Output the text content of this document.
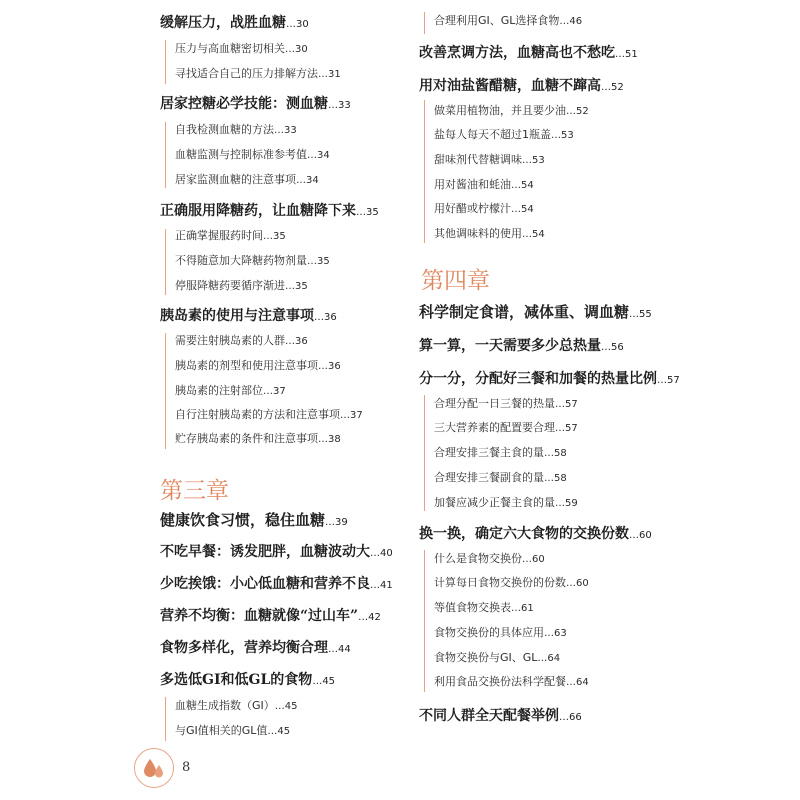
缓解压力，战胜血糖…30
压力与高血糖密切相关…30
寻找适合自己的压力排解方法…31
居家控糖必学技能：测血糖…33
自我检测血糖的方法…33
血糖监测与控制标准参考值…34
居家监测血糖的注意事项…34
正确服用降糖药，让血糖降下来…35
正确掌握服药时间…35
不得随意加大降糖药物剂量…35
停服降糖药要循序渐进…35
胰岛素的使用与注意事项…36
需要注射胰岛素的人群…36
胰岛素的剂型和使用注意事项…36
胰岛素的注射部位…37
自行注射胰岛素的方法和注意事项…37
贮存胰岛素的条件和注意事项…38
第三章
健康饮食习惯，稳住血糖…39
不吃早餐：诱发肥胖，血糖波动大…40
少吃挨饿：小心低血糖和营养不良…41
营养不均衡：血糖就像“过山车”…42
食物多样化，营养均衡合理…44
多选低GI和低GL的食物…45
血糖生成指数（GI）…45
与GI值相关的GL值…45
合理利用GI、GL选择食物…46
改善烹调方法，血糖高也不愁吃…51
用对油盐酱醋糖，血糖不蹿高…52
做菜用植物油，并且要少油…52
盐每人每天不超过1瓶盖…53
甜味剂代替糖调味…53
用对酱油和蚝油…54
用好醋或柠檬汁…54
其他调味料的使用…54
第四章
科学制定食谱，减体重、调血糖…55
算一算，一天需要多少总热量…56
分一分，分配好三餐和加餐的热量比例…57
合理分配一日三餐的热量…57
三大营养素的配置要合理…57
合理安排三餐主食的量…58
合理安排三餐副食的量…58
加餐应减少正餐主食的量…59
换一换，确定六大食物的交换份数…60
什么是食物交换份…60
计算每日食物交换份的份数…60
等值食物交换表…61
食物交换份的具体应用…63
食物交换份与GI、GL…64
利用食品交换份法科学配餐…64
不同人群全天配餐举例…66
8
